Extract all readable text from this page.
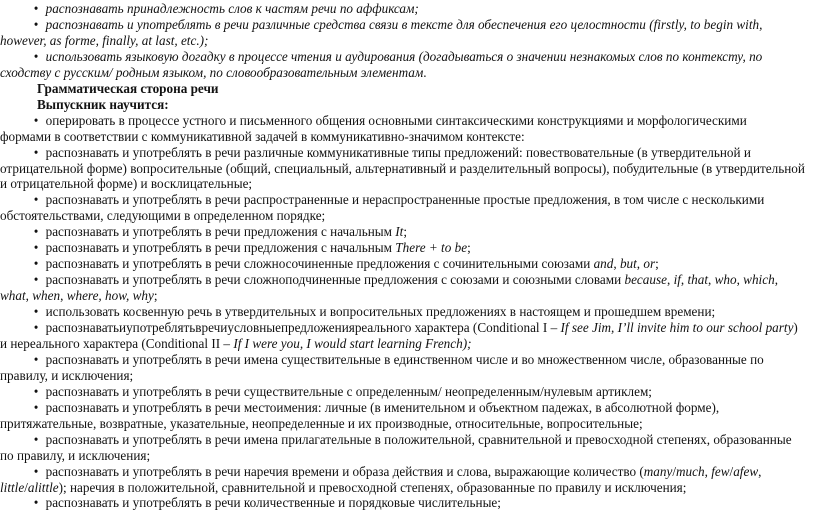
• распознавать принадлежность слов к частям речи по аффиксам;
• распознавать и употреблять в речи различные средства связи в тексте для обеспечения его целостности (firstly, to begin with,
however, as forme, finally, at last, etc.);
• использовать языковую догадку в процессе чтения и аудирования (догадываться о значении незнакомых слов по контексту, по
сходству с русским/ родным языком, по словообразовательным элементам.
Грамматическая сторона речи
Выпускник научится:
• оперировать в процессе устного и письменного общения основными синтаксическими конструкциями и морфологическими
формами в соответствии с коммуникативной задачей в коммуникативно-значимом контексте:
• распознавать и употреблять в речи различные коммуникативные типы предложений: повествовательные (в утвердительной и
отрицательной форме) вопросительные (общий, специальный, альтернативный и разделительный вопросы), побудительные (в утвердительной
и отрицательной форме) и восклицательные;
• распознавать и употреблять в речи распространенные и нераспространенные простые предложения, в том числе с несколькими
обстоятельствами, следующими в определенном порядке;
• распознавать и употреблять в речи предложения с начальным It;
• распознавать и употреблять в речи предложения с начальным There + to be;
• распознавать и употреблять в речи сложносочиненные предложения с сочинительными союзами and, but, or;
• распознавать и употреблять в речи сложноподчиненные предложения с союзами и союзными словами because, if, that, who, which,
what, when, where, how, why;
• использовать косвенную речь в утвердительных и вопросительных предложениях в настоящем и прошедшем времени;
• распознаватьиупотреблятьвречиусловныепредложенияреального характера (Conditional I – If see Jim, I’ll invite him to our school party)
и нереального характера (Conditional II – If I were you, I would start learning French);
• распознавать и употреблять в речи имена существительные в единственном числе и во множественном числе, образованные по
правилу, и исключения;
• распознавать и употреблять в речи существительные с определенным/ неопределенным/нулевым артиклем;
• распознавать и употреблять в речи местоимения: личные (в именительном и объектном падежах, в абсолютной форме),
притяжательные, возвратные, указательные, неопределенные и их производные, относительные, вопросительные;
• распознавать и употреблять в речи имена прилагательные в положительной, сравнительной и превосходной степенях, образованные
по правилу, и исключения;
• распознавать и употреблять в речи наречия времени и образа действия и слова, выражающие количество (many/much, few/afew,
little/alittle); наречия в положительной, сравнительной и превосходной степенях, образованные по правилу и исключения;
• распознавать и употреблять в речи количественные и порядковые числительные;
